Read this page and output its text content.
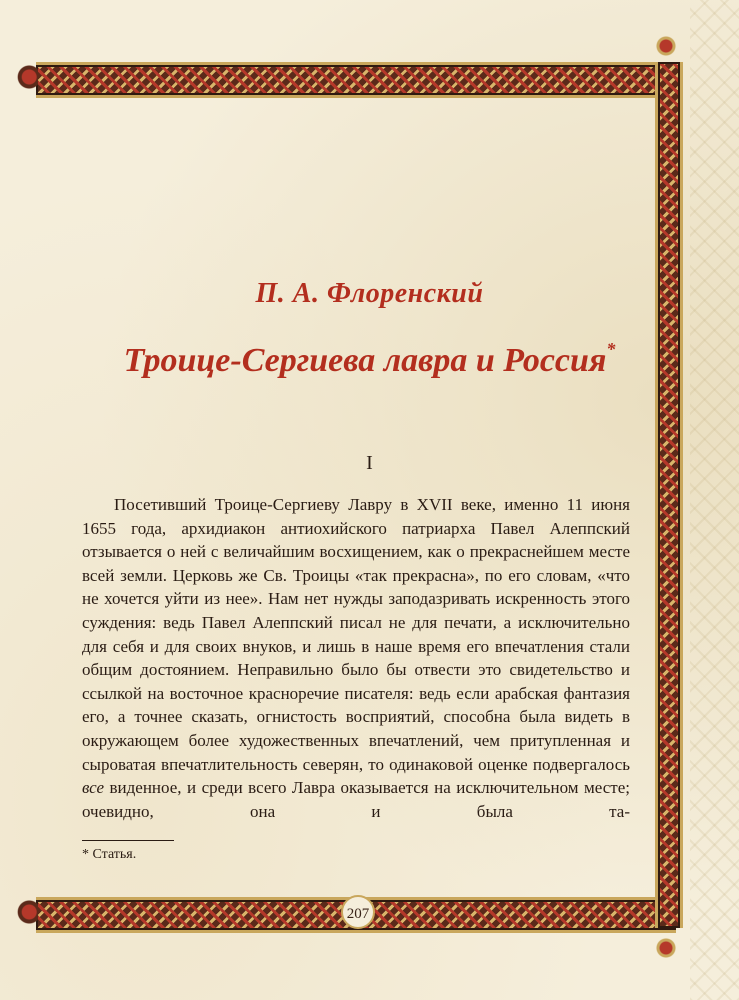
П. А. Флоренский
Троице-Сергиева лавра и Россия*
I

Посетивший Троице-Сергиеву Лавру в XVII веке, именно 11 июня 1655 года, архидиакон антиохийского патриарха Павел Алеппский отзывается о ней с величайшим восхищением, как о прекраснейшем месте всей земли. Церковь же Св. Троицы «так прекрасна», по его словам, «что не хочется уйти из нее». Нам нет нужды заподазривать искренность этого суждения: ведь Павел Алеппский писал не для печати, а исключительно для себя и для своих внуков, и лишь в наше время его впечатления стали общим достоянием. Неправильно было бы отвести это свидетельство и ссылкой на восточное красноречие писателя: ведь если арабская фантазия его, а точнее сказать, огнистость восприятий, способна была видеть в окружающем более художественных впечатлений, чем притупленная и сыроватая впечатлительность северян, то одинаковой оценке подвергалось все виденное, и среди всего Лавра оказывается на исключительном месте; очевидно, она и была та-

* Статья.
207
